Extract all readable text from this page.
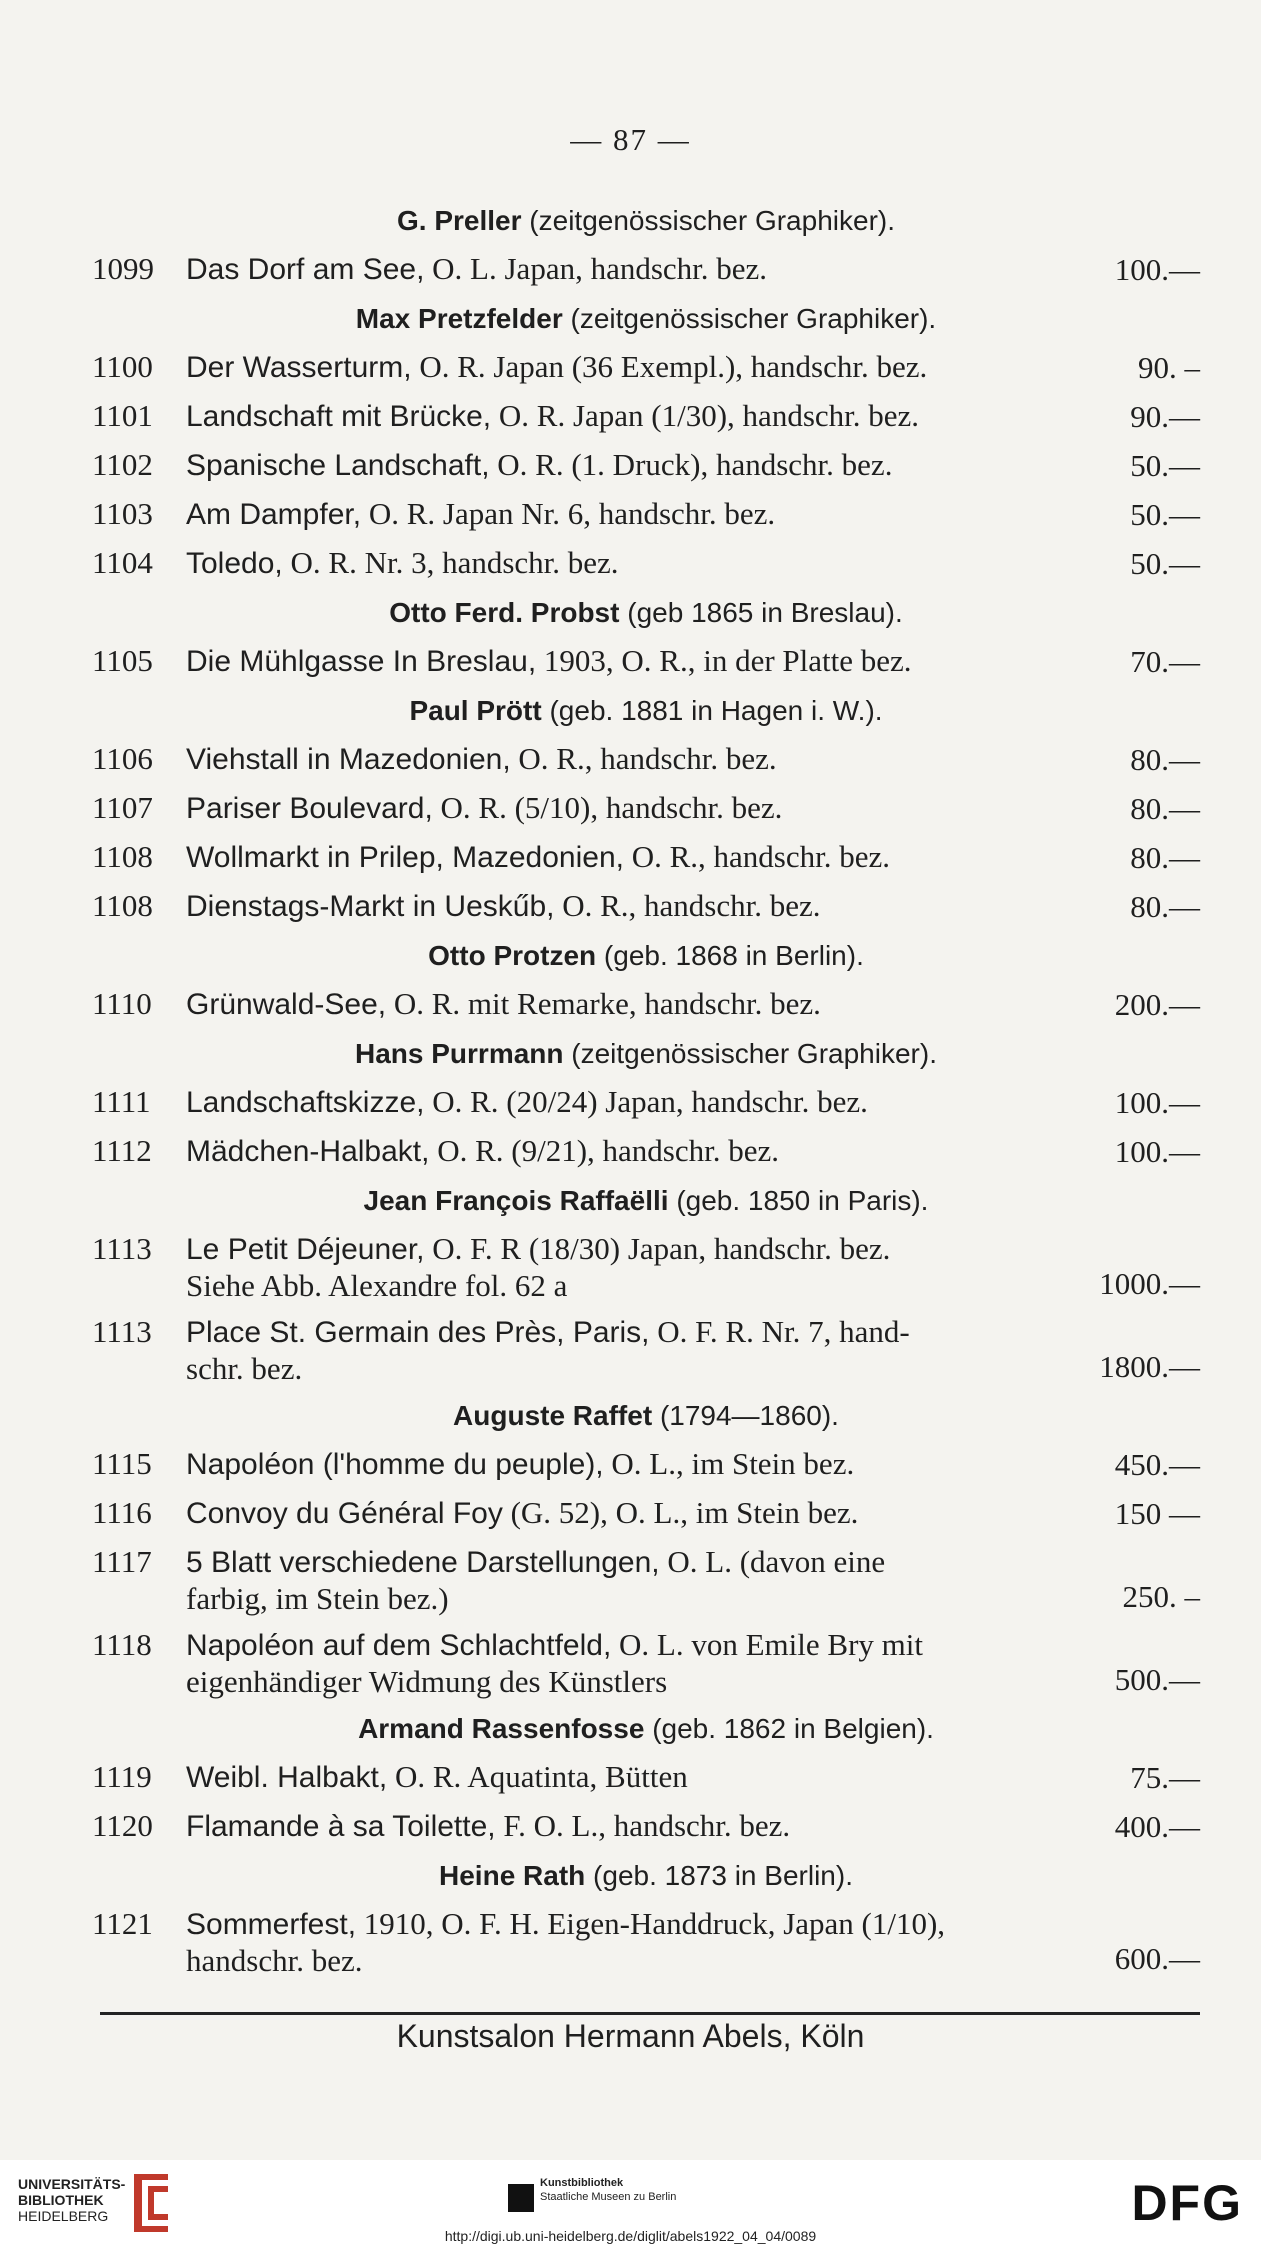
— 87 —
G. Preller (zeitgenössischer Graphiker).
1099	Das Dorf am See, O. L. Japan, handschr. bez.	100.—
Max Pretzfelder (zeitgenössischer Graphiker).
1100	Der Wasserturm, O. R. Japan (36 Exempl.), handschr. bez.	90. –
1101	Landschaft mit Brücke, O. R. Japan (1/30), handschr. bez.	90.—
1102	Spanische Landschaft, O. R. (1. Druck), handschr. bez.	50.—
1103	Am Dampfer, O. R. Japan Nr. 6, handschr. bez.	50.—
1104	Toledo, O. R. Nr. 3, handschr. bez.	50.—
Otto Ferd. Probst (geb 1865 in Breslau).
1105	Die Mühlgasse In Breslau, 1903, O. R., in der Platte bez.	70.—
Paul Prött (geb. 1881 in Hagen i. W.).
1106	Viehstall in Mazedonien, O. R., handschr. bez.	80.—
1107	Pariser Boulevard, O. R. (5/10), handschr. bez.	80.—
1108	Wollmarkt in Prilep, Mazedonien, O. R., handschr. bez.	80.—
1108	Dienstags-Markt in Ueskűb, O. R., handschr. bez.	80.—
Otto Protzen (geb. 1868 in Berlin).
1110	Grünwald-See, O. R. mit Remarke, handschr. bez.	200.—
Hans Purrmann (zeitgenössischer Graphiker).
1111	Landschaftskizze, O. R. (20/24) Japan, handschr. bez.	100.—
1112	Mädchen-Halbakt, O. R. (9/21), handschr. bez.	100.—
Jean François Raffaëlli (geb. 1850 in Paris).
1113	Le Petit Déjeuner, O. F. R (18/30) Japan, handschr. bez.
Siehe Abb. Alexandre fol. 62 a	1000.—
1113	Place St. Germain des Près, Paris, O. F. R. Nr. 7, hand-
schr. bez.	1800.—
Auguste Raffet (1794—1860).
1115	Napoléon (l'homme du peuple), O. L., im Stein bez.	450.—
1116	Convoy du Général Foy (G. 52), O. L., im Stein bez.	150 —
1117	5 Blatt verschiedene Darstellungen, O. L. (davon eine
farbig, im Stein bez.)	250. –
1118	Napoléon auf dem Schlachtfeld, O. L. von Emile Bry mit
eigenhändiger Widmung des Künstlers	500.—
Armand Rassenfosse (geb. 1862 in Belgien).
1119	Weibl. Halbakt, O. R. Aquatinta, Bütten	75.—
1120	Flamande à sa Toilette, F. O. L., handschr. bez.	400.—
Heine Rath (geb. 1873 in Berlin).
1121	Sommerfest, 1910, O. F. H. Eigen-Handdruck, Japan (1/10),
handschr. bez.	600.—
Kunstsalon Hermann Abels, Köln
UNIVERSITÄTS-
BIBLIOTHEK
HEIDELBERG
Kunstbibliothek
Staatliche Museen zu Berlin	DFG
http://digi.ub.uni-heidelberg.de/diglit/abels1922_04_04/0089
